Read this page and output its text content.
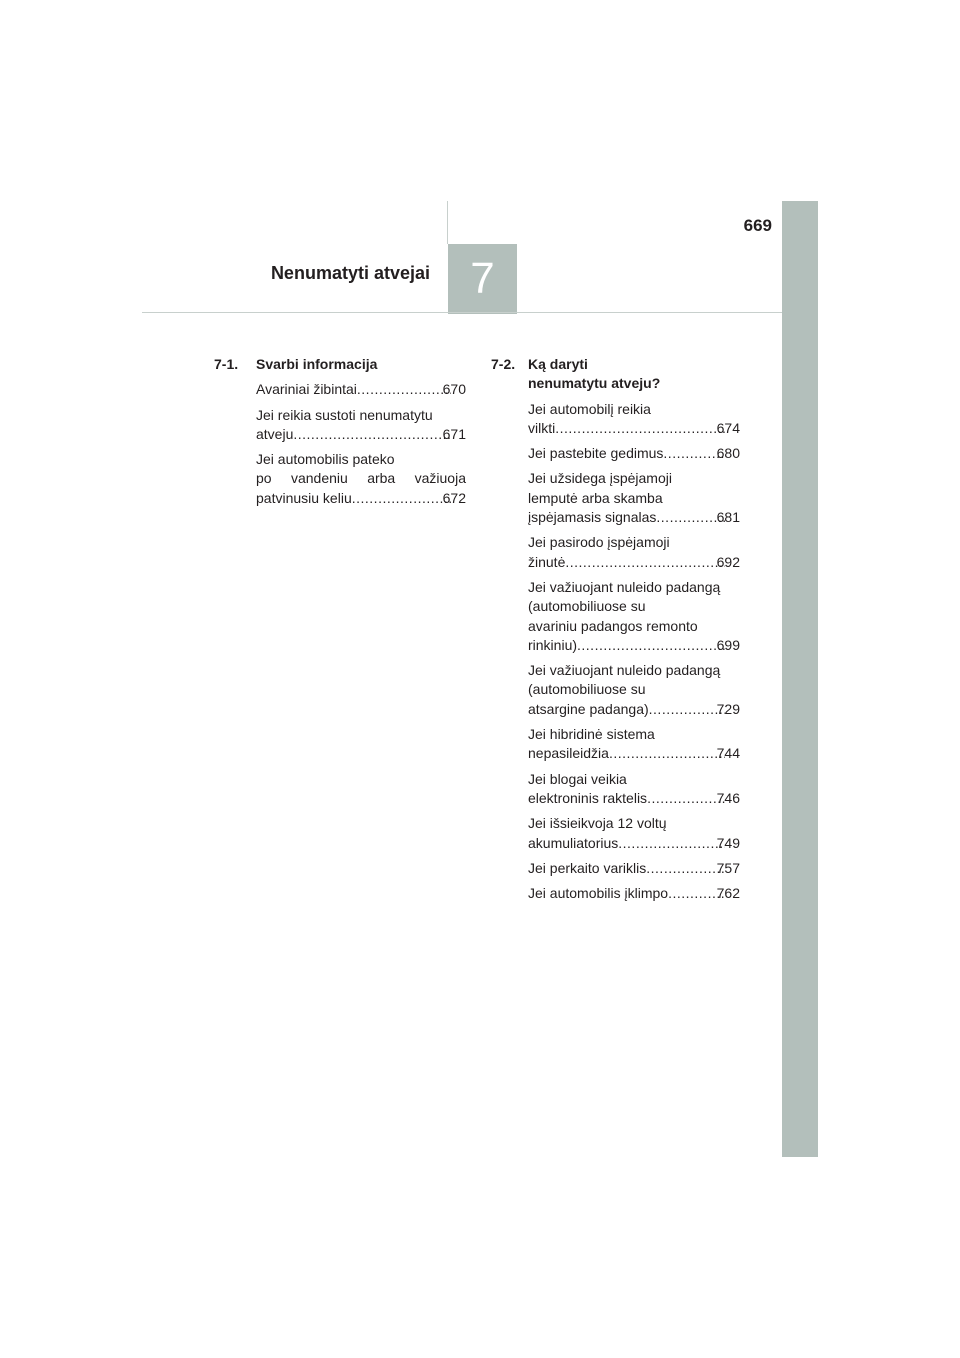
669
7
Nenumatyti atvejai
7-1.	Svarbi informacija
Avariniai žibintai .....	670
Jei reikia sustoti nenumatytu
atveju .....	671
Jei automobilis pateko
po vandeniu arba važiuoja
patvinusiu keliu .....	672
7-2. Ką daryti
nenumatytu atveju?
Jei automobilį reikia
vilkti .....	674
Jei pastebite gedimus .....	680
Jei užsidega įspėjamoji
lemputė arba skamba
įspėjamasis signalas .....	681
Jei pasirodo įspėjamoji
žinutė .....	692
Jei važiuojant nuleido padangą
(automobiliuose su
avariniu padangos remonto
rinkiniu) .....	699
Jei važiuojant nuleido padangą
(automobiliuose su
atsargine padanga) .....	729
Jei hibridinė sistema
nepasileidžia .....	744
Jei blogai veikia
elektroninis raktelis .....	746
Jei išsieikvoja 12 voltų
akumuliatorius .....	749
Jei perkaito variklis .....	757
Jei automobilis įklimpo .....	762
